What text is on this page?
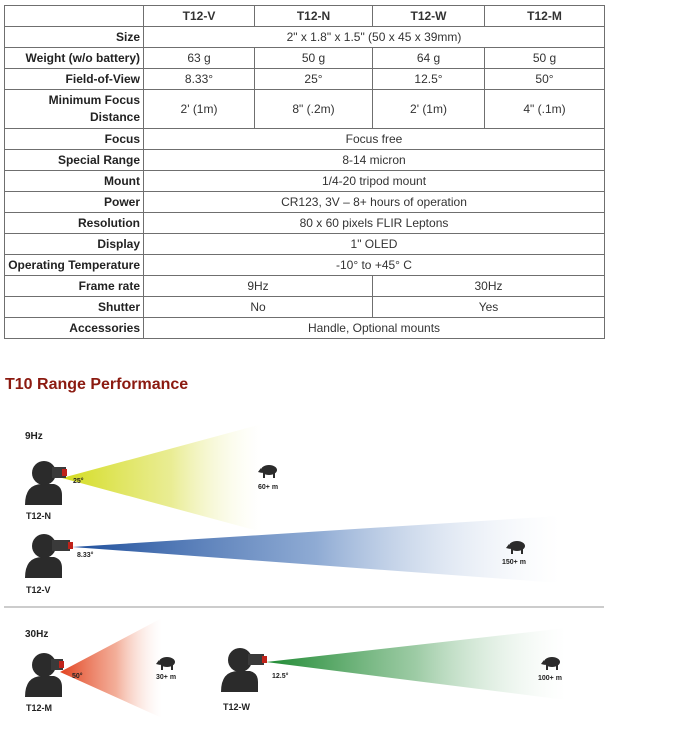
	T12-V	T12-N	T12-W	T12-M
Size	2" x 1.8" x 1.5" (50 x 45 x 39mm)			
Weight (w/o battery)	63 g	50 g	64 g	50 g
Field-of-View	8.33°	25°	12.5°	50°
Minimum Focus
Distance	2' (1m)	8" (.2m)	2' (1m)	4" (.1m)
Focus	Focus free			
Special Range	8-14 micron			
Mount	1/4-20 tripod mount			
Power	CR123, 3V – 8+ hours of operation			
Resolution	80 x 60 pixels FLIR Leptons			
Display	1" OLED			
Operating Temperature	-10° to +45° C			
Frame rate	9Hz		30Hz	
Shutter	No		Yes	
Accessories	Handle, Optional mounts			
T10 Range Performance
9Hz
25°
60+ m
T12-N
8.33°
150+ m
T12-V
30Hz
50°	30+ m
T12-M
12.5°	100+ m
T12-W
